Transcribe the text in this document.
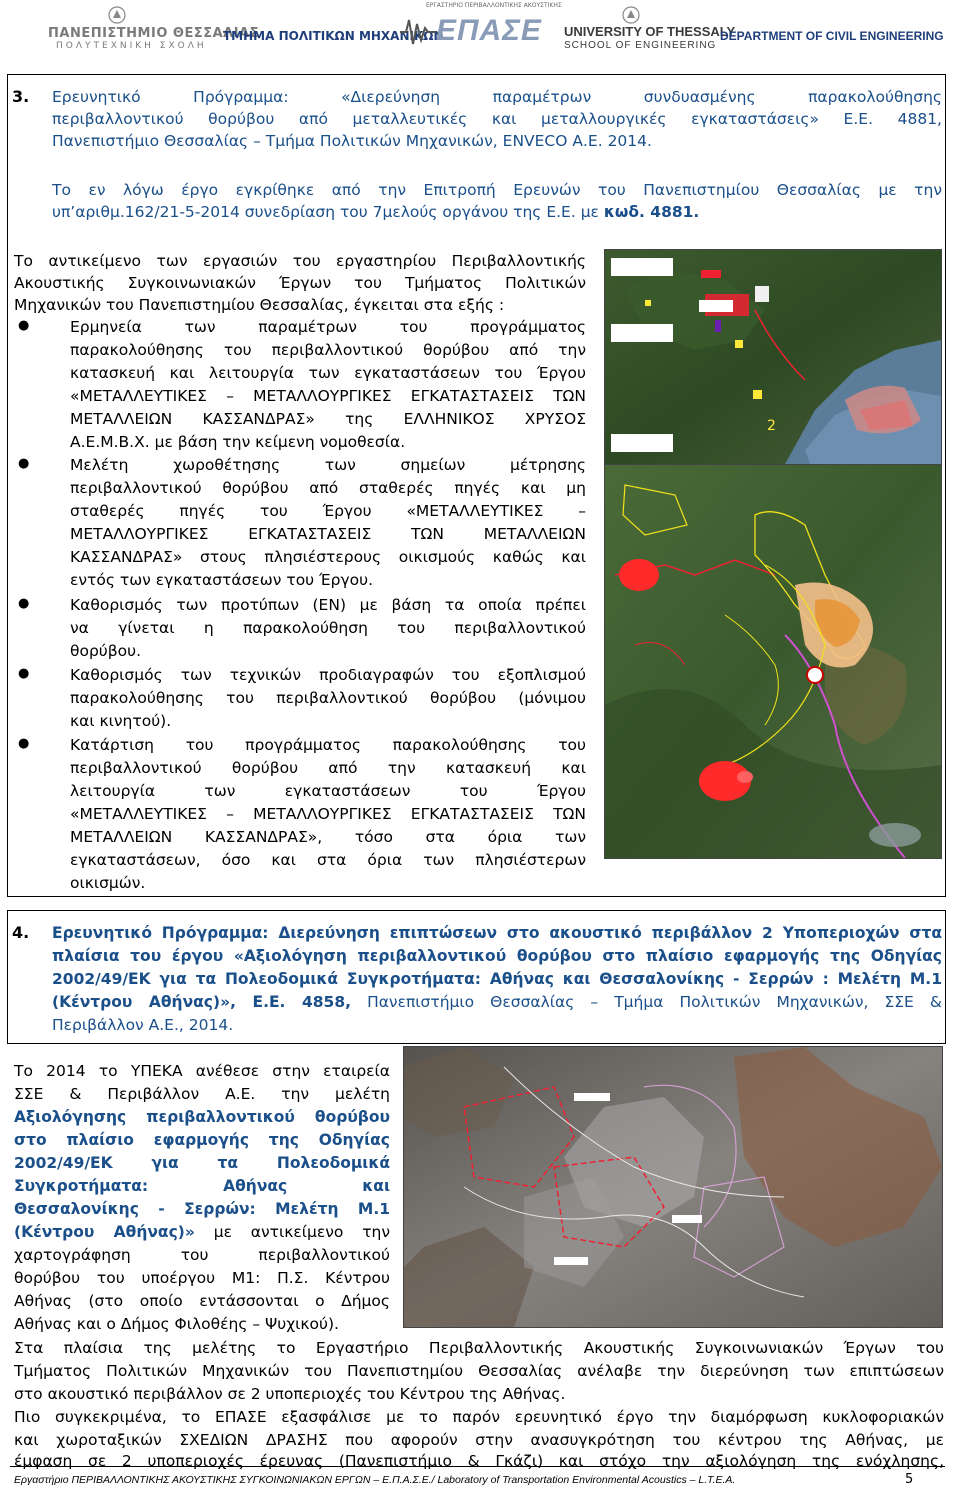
ΠΑΝΕΠΙΣΤΗΜΙΟ ΘΕΣΣΑΛΙΑΣ
ΠΟΛΥΤΕΧΝΙΚΗ ΣΧΟΛΗ
ΤΜΗΜΑ ΠΟΛΙΤΙΚΩΝ ΜΗΧΑΝΙΚΩΝ
ΕΡΓΑΣΤΗΡΙΟ ΠΕΡΙΒΑΛΛΟΝΤΙΚΗΣ ΑΚΟΥΣΤΙΚΗΣ
ΕΠΑΣΕ UNIVERSITY OF THESSALY
SCHOOL OF ENGINEERING
DEPARTMENT OF CIVIL ENGINEERING
3. Ερευνητικό Πρόγραμμα: «Διερεύνηση παραμέτρων συνδυασμένης παρακολούθησης
περιβαλλοντικού θορύβου από μεταλλευτικές και μεταλλουργικές εγκαταστάσεις» Ε.Ε. 4881,
Πανεπιστήμιο Θεσσαλίας – Τμήμα Πολιτικών Μηχανικών, ENVECO Α.Ε. 2014.
Το εν λόγω έργο εγκρίθηκε από την Επιτροπή Ερευνών του Πανεπιστημίου Θεσσαλίας με την
υπ’αριθμ.162/21-5-2014 συνεδρίαση του 7μελούς οργάνου της Ε.Ε. με κωδ. 4881.
Το αντικείμενο των εργασιών του εργαστηρίου Περιβαλλοντικής
Ακουστικής Συγκοινωνιακών Έργων του Τμήματος Πολιτικών
Μηχανικών του Πανεπιστημίου Θεσσαλίας, έγκειται στα εξής :
●	Ερμηνεία των παραμέτρων του προγράμματος
παρακολούθησης του περιβαλλοντικού θορύβου από την
κατασκευή και λειτουργία των εγκαταστάσεων του Έργου
«ΜΕΤΑΛΛΕΥΤΙΚΕΣ – ΜΕΤΑΛΛΟΥΡΓΙΚΕΣ ΕΓΚΑΤΑΣΤΑΣΕΙΣ ΤΩΝ
ΜΕΤΑΛΛΕΙΩΝ ΚΑΣΣΑΝΔΡΑΣ» της ΕΛΛΗΝΙΚΟΣ ΧΡΥΣΟΣ
Α.Ε.Μ.Β.Χ. με βάση την κείμενη νομοθεσία.
●	Μελέτη χωροθέτησης των σημείων μέτρησης
περιβαλλοντικού θορύβου από σταθερές πηγές και μη
σταθερές πηγές του Έργου «ΜΕΤΑΛΛΕΥΤΙΚΕΣ –
ΜΕΤΑΛΛΟΥΡΓΙΚΕΣ ΕΓΚΑΤΑΣΤΑΣΕΙΣ ΤΩΝ ΜΕΤΑΛΛΕΙΩΝ
ΚΑΣΣΑΝΔΡΑΣ» στους πλησιέστερους οικισμούς καθώς και
εντός των εγκαταστάσεων του Έργου.
●	Καθορισμός των προτύπων (ΕΝ) με βάση τα οποία πρέπει
να γίνεται η παρακολούθηση του περιβαλλοντικού
θορύβου.
●	Καθορισμός των τεχνικών προδιαγραφών του εξοπλισμού
παρακολούθησης του περιβαλλοντικού θορύβου (μόνιμου
και κινητού).
●	Κατάρτιση του προγράμματος παρακολούθησης του
περιβαλλοντικού θορύβου από την κατασκευή και
λειτουργία των εγκαταστάσεων του Έργου
«ΜΕΤΑΛΛΕΥΤΙΚΕΣ – ΜΕΤΑΛΛΟΥΡΓΙΚΕΣ ΕΓΚΑΤΑΣΤΑΣΕΙΣ ΤΩΝ
ΜΕΤΑΛΛΕΙΩΝ ΚΑΣΣΑΝΔΡΑΣ», τόσο στα όρια των
εγκαταστάσεων, όσο και στα όρια των πλησιέστερων
οικισμών.
2
4. Ερευνητικό Πρόγραμμα: Διερεύνηση επιπτώσεων στο ακουστικό περιβάλλον 2 Υποπεριοχών στα
πλαίσια του έργου «Αξιολόγηση περιβαλλοντικού θορύβου στο πλαίσιο εφαρμογής της Οδηγίας
2002/49/ΕΚ για τα Πολεοδομικά Συγκροτήματα: Αθήνας και Θεσσαλονίκης - Σερρών : Μελέτη Μ.1
(Κέντρου Αθήνας)», Ε.Ε. 4858, Πανεπιστήμιο Θεσσαλίας – Τμήμα Πολιτικών Μηχανικών, ΣΣΕ &
Περιβάλλον Α.Ε., 2014.
Το 2014 το ΥΠΕΚΑ ανέθεσε στην εταιρεία
ΣΣΕ & Περιβάλλον Α.Ε. την μελέτη
Αξιολόγησης περιβαλλοντικού θορύβου
στο πλαίσιο εφαρμογής της Οδηγίας
2002/49/ΕΚ για τα Πολεοδομικά
Συγκροτήματα: Αθήνας και
Θεσσαλονίκης - Σερρών: Μελέτη Μ.1
(Κέντρου Αθήνας)» με αντικείμενο την
χαρτογράφηση του περιβαλλοντικού
θορύβου του υποέργου Μ1: Π.Σ. Κέντρου
Αθήνας (στο οποίο εντάσσονται ο Δήμος
Αθήνας και ο Δήμος Φιλοθέης – Ψυχικού).
Στα πλαίσια της μελέτης το Εργαστήριο Περιβαλλοντικής Ακουστικής Συγκοινωνιακών Έργων του
Τμήματος Πολιτικών Μηχανικών του Πανεπιστημίου Θεσσαλίας ανέλαβε την διερεύνηση των επιπτώσεων
στο ακουστικό περιβάλλον σε 2 υποπεριοχές του Κέντρου της Αθήνας.
Πιο συγκεκριμένα, το ΕΠΑΣΕ εξασφάλισε με το παρόν ερευνητικό έργο την διαμόρφωση κυκλοφοριακών
και χωροταξικών ΣΧΕΔΙΩΝ ΔΡΑΣΗΣ που αφορούν στην ανασυγκρότηση του κέντρου της Αθήνας, με
έμφαση σε 2 υποπεριοχές έρευνας (Πανεπιστήμιο & Γκάζι) και στόχο την αξιολόγηση της ενόχλησης,
Εργαστήριο ΠΕΡΙΒΑΛΛΟΝΤΙΚΗΣ ΑΚΟΥΣΤΙΚΗΣ ΣΥΓΚΟΙΝΩΝΙΑΚΩΝ ΕΡΓΩΝ – Ε.Π.Α.Σ.Ε./ Laboratory of Transportation Environmental Acoustics – L.T.E.A.	5
